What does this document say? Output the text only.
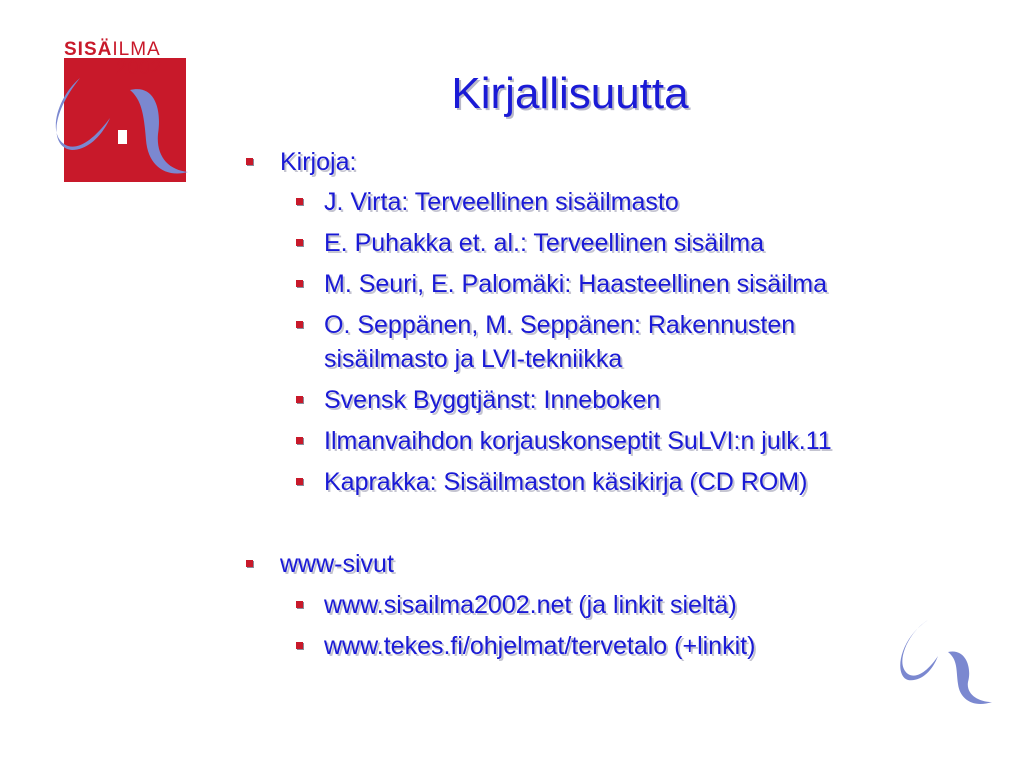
SISÄILMA
2002
Kirjallisuutta
Kirjoja:
J. Virta: Terveellinen sisäilmasto
E. Puhakka et. al.: Terveellinen sisäilma
M. Seuri, E. Palomäki: Haasteellinen sisäilma
O. Seppänen, M. Seppänen: Rakennusten
sisäilmasto ja LVI-tekniikka
Svensk Byggtjänst: Inneboken
Ilmanvaihdon korjauskonseptit SuLVI:n julk.11
Kaprakka: Sisäilmaston käsikirja (CD ROM)
www-sivut
www.sisailma2002.net (ja linkit sieltä)
www.tekes.fi/ohjelmat/tervetalo (+linkit)
